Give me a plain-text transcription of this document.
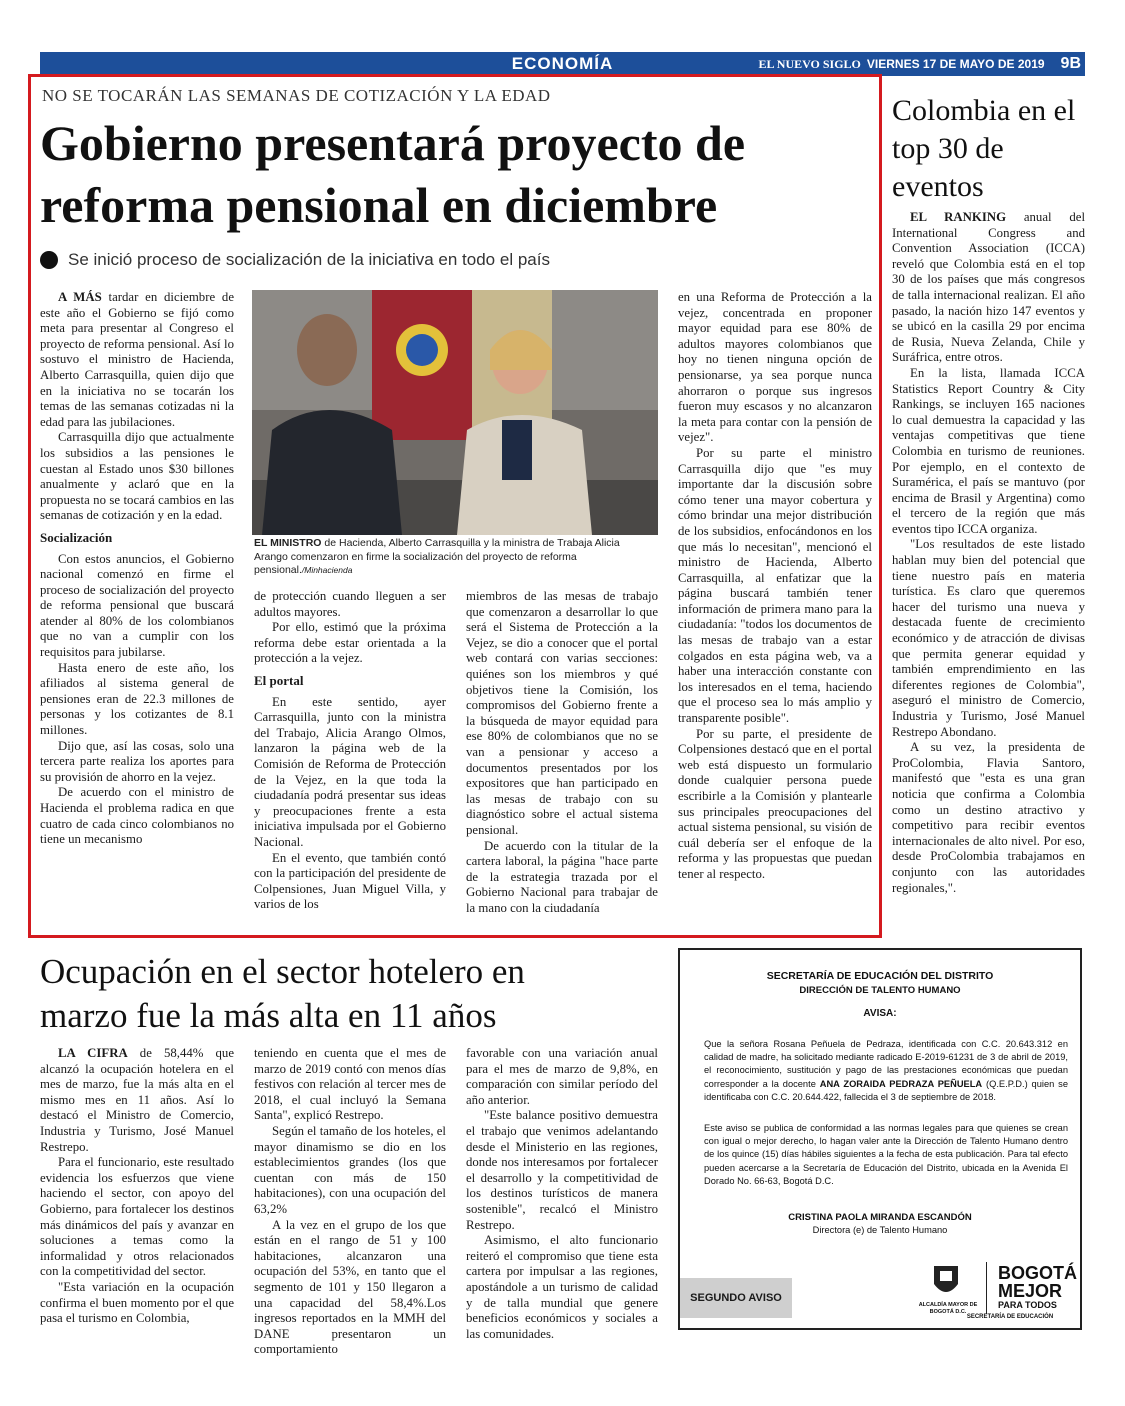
ECONOMÍA	EL NUEVO SIGLO VIERNES 17 DE MAYO DE 2019 9B
NO SE TOCARÁN LAS SEMANAS DE COTIZACIÓN Y LA EDAD
Gobierno presentará proyecto de
reforma pensional en diciembre
Se inició proceso de socialización de la iniciativa en todo el país

A MÁS tardar en diciembre de este año el Gobierno se fijó como meta para presentar al Congreso el proyecto de reforma pensional. Así lo sostuvo el ministro de Hacienda, Alberto Carrasquilla, quien dijo que en la iniciativa no se tocarán los temas de las semanas cotizadas ni la edad para las jubilaciones.

Carrasquilla dijo que actualmente los subsidios a las pensiones le cuestan al Estado unos $30 billones anualmente y aclaró que en la propuesta no se tocará cambios en las semanas de cotización y en la edad.

Socialización

Con estos anuncios, el Gobierno nacional comenzó en firme el proceso de socialización del proyecto de reforma pensional que buscará atender al 80% de los colombianos que no van a cumplir con los requisitos para jubilarse.

Hasta enero de este año, los afiliados al sistema general de pensiones eran de 22.3 millones de personas y los cotizantes de 8.1 millones.

Dijo que, así las cosas, solo una tercera parte realiza los aportes para su provisión de ahorro en la vejez.

De acuerdo con el ministro de Hacienda el problema radica en que cuatro de cada cinco colombianos no tiene un mecanismo

EL MINISTRO de Hacienda, Alberto Carrasquilla y la ministra de Trabaja Alicia Arango comenzaron en firme la socialización del proyecto de reforma pensional./Minhacienda

de protección cuando lleguen a ser adultos mayores.

Por ello, estimó que la próxima reforma debe estar orientada a la protección a la vejez.

El portal

En este sentido, ayer Carrasquilla, junto con la ministra del Trabajo, Alicia Arango Olmos, lanzaron la página web de la Comisión de Reforma de Protección de la Vejez, en la que toda la ciudadanía podrá presentar sus ideas y preocupaciones frente a esta iniciativa impulsada por el Gobierno Nacional.

En el evento, que también contó con la participación del presidente de Colpensiones, Juan Miguel Villa, y varios de los

miembros de las mesas de trabajo que comenzaron a desarrollar lo que será el Sistema de Protección a la Vejez, se dio a conocer que el portal web contará con varias secciones: quiénes son los miembros y qué objetivos tiene la Comisión, los compromisos del Gobierno frente a la búsqueda de mayor equidad para ese 80% de colombianos que no se van a pensionar y acceso a documentos presentados por los expositores que han participado en las mesas de trabajo con su diagnóstico sobre el actual sistema pensional.

De acuerdo con la titular de la cartera laboral, la página "hace parte de la estrategia trazada por el Gobierno Nacional para trabajar de la mano con la ciudadanía

en una Reforma de Protección a la vejez, concentrada en proponer mayor equidad para ese 80% de adultos mayores colombianos que hoy no tienen ninguna opción de pensionarse, ya sea porque nunca ahorraron o porque sus ingresos fueron muy escasos y no alcanzaron la meta para contar con la pensión de vejez".

Por su parte el ministro Carrasquilla dijo que "es muy importante dar la discusión sobre cómo tener una mayor cobertura y cómo brindar una mejor distribución de los subsidios, enfocándonos en los que más lo necesitan", mencionó el ministro de Hacienda, Alberto Carrasquilla, al enfatizar que la página buscará también tener información de primera mano para la ciudadanía: "todos los documentos de las mesas de trabajo van a estar colgados en esta página web, va a haber una interacción constante con los interesados en el tema, haciendo que el proceso sea lo más amplio y transparente posible".

Por su parte, el presidente de Colpensiones destacó que en el portal web está dispuesto un formulario donde cualquier persona puede escribirle a la Comisión y plantearle sus principales preocupaciones del actual sistema pensional, su visión de cuál debería ser el enfoque de la reforma y las propuestas que puedan tener al respecto.

Colombia en el top 30 de eventos

EL RANKING anual del International Congress and Convention Association (ICCA) reveló que Colombia está en el top 30 de los países que más congresos de talla internacional realizan. El año pasado, la nación hizo 147 eventos y se ubicó en la casilla 29 por encima de Rusia, Nueva Zelanda, Chile y Suráfrica, entre otros.

En la lista, llamada ICCA Statistics Report Country & City Rankings, se incluyen 165 naciones lo cual demuestra la capacidad y las ventajas competitivas que tiene Colombia en turismo de reuniones. Por ejemplo, en el contexto de Suramérica, el país se mantuvo (por encima de Brasil y Argentina) como el tercero de la región que más eventos tipo ICCA organiza.

"Los resultados de este listado hablan muy bien del potencial que tiene nuestro país en materia turística. Es claro que queremos hacer del turismo una nueva y destacada fuente de crecimiento económico y de atracción de divisas que permita generar equidad y también emprendimiento en las diferentes regiones de Colombia", aseguró el ministro de Comercio, Industria y Turismo, José Manuel Restrepo Abondano.

A su vez, la presidenta de ProColombia, Flavia Santoro, manifestó que "esta es una gran noticia que confirma a Colombia como un destino atractivo y competitivo para recibir eventos internacionales de alto nivel. Por eso, desde ProColombia trabajamos en conjunto con las autoridades regionales,".

Ocupación en el sector hotelero en
marzo fue la más alta en 11 años

LA CIFRA de 58,44% que alcanzó la ocupación hotelera en el mes de marzo, fue la más alta en el mismo mes en 11 años. Así lo destacó el Ministro de Comercio, Industria y Turismo, José Manuel Restrepo.

Para el funcionario, este resultado evidencia los esfuerzos que viene haciendo el sector, con apoyo del Gobierno, para fortalecer los destinos más dinámicos del país y avanzar en soluciones a temas como la informalidad y otros relacionados con la competitividad del sector.

"Esta variación en la ocupación confirma el buen momento por el que pasa el turismo en Colombia,

teniendo en cuenta que el mes de marzo de 2019 contó con menos días festivos con relación al tercer mes de 2018, el cual incluyó la Semana Santa", explicó Restrepo.

Según el tamaño de los hoteles, el mayor dinamismo se dio en los establecimientos grandes (los que cuentan con más de 150 habitaciones), con una ocupación del 63,2%

A la vez en el grupo de los que están en el rango de 51 y 100 habitaciones, alcanzaron una ocupación del 53%, en tanto que el segmento de 101 y 150 llegaron a una capacidad del 58,4%.Los ingresos reportados en la MMH del DANE presentaron un comportamiento

favorable con una variación anual para el mes de marzo de 9,8%, en comparación con similar período del año anterior.

"Este balance positivo demuestra el trabajo que venimos adelantando desde el Ministerio en las regiones, donde nos interesamos por fortalecer el desarrollo y la competitividad de los destinos turísticos de manera sostenible", recalcó el Ministro Restrepo.

Asimismo, el alto funcionario reiteró el compromiso que tiene esta cartera por impulsar a las regiones, apostándole a un turismo de calidad y de talla mundial que genere beneficios económicos y sociales a las comunidades.

SECRETARÍA DE EDUCACIÓN DEL DISTRITO
DIRECCIÓN DE TALENTO HUMANO
AVISA:
Que la señora Rosana Peñuela de Pedraza, identificada con C.C. 20.643.312 en calidad de madre, ha solicitado mediante radicado E-2019-61231 de 3 de abril de 2019, el reconocimiento, sustitución y pago de las prestaciones económicas que puedan corresponder a la docente ANA ZORAIDA PEDRAZA PEÑUELA (Q.E.P.D.) quien se identificaba con C.C. 20.644.422, fallecida el 3 de septiembre de 2018.
Este aviso se publica de conformidad a las normas legales para que quienes se crean con igual o mejor derecho, lo hagan valer ante la Dirección de Talento Humano dentro de los quince (15) días hábiles siguientes a la fecha de esta publicación. Para tal efecto pueden acercarse a la Secretaría de Educación del Distrito, ubicada en la Avenida El Dorado No. 66-63, Bogotá D.C.
CRISTINA PAOLA MIRANDA ESCANDÓN
Directora (e) de Talento Humano
SEGUNDO AVISO
ALCALDÍA MAYOR DE BOGOTÁ D.C.
BOGOTÁ
MEJOR
PARA TODOS
SECRETARÍA DE EDUCACIÓN
